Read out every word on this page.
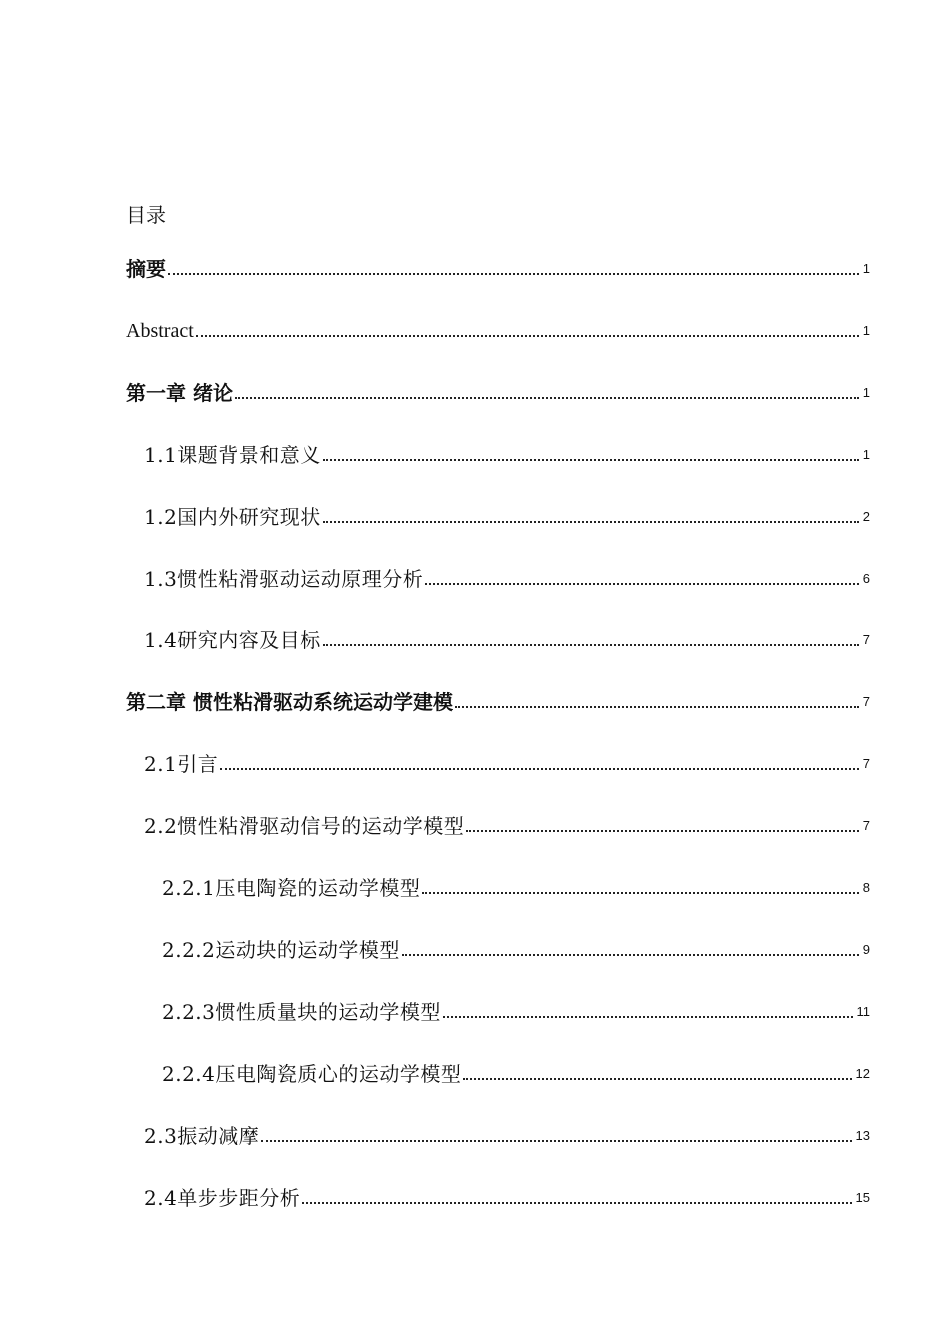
目录
摘要	1
Abstract	1
第一章 绪论	1
1.1课题背景和意义	1
1.2国内外研究现状	2
1.3惯性粘滑驱动运动原理分析	6
1.4研究内容及目标	7
第二章 惯性粘滑驱动系统运动学建模	7
2.1引言	7
2.2惯性粘滑驱动信号的运动学模型	7
2.2.1压电陶瓷的运动学模型	8
2.2.2运动块的运动学模型	9
2.2.3惯性质量块的运动学模型	11
2.2.4压电陶瓷质心的运动学模型	12
2.3振动减摩	13
2.4单步步距分析	15
